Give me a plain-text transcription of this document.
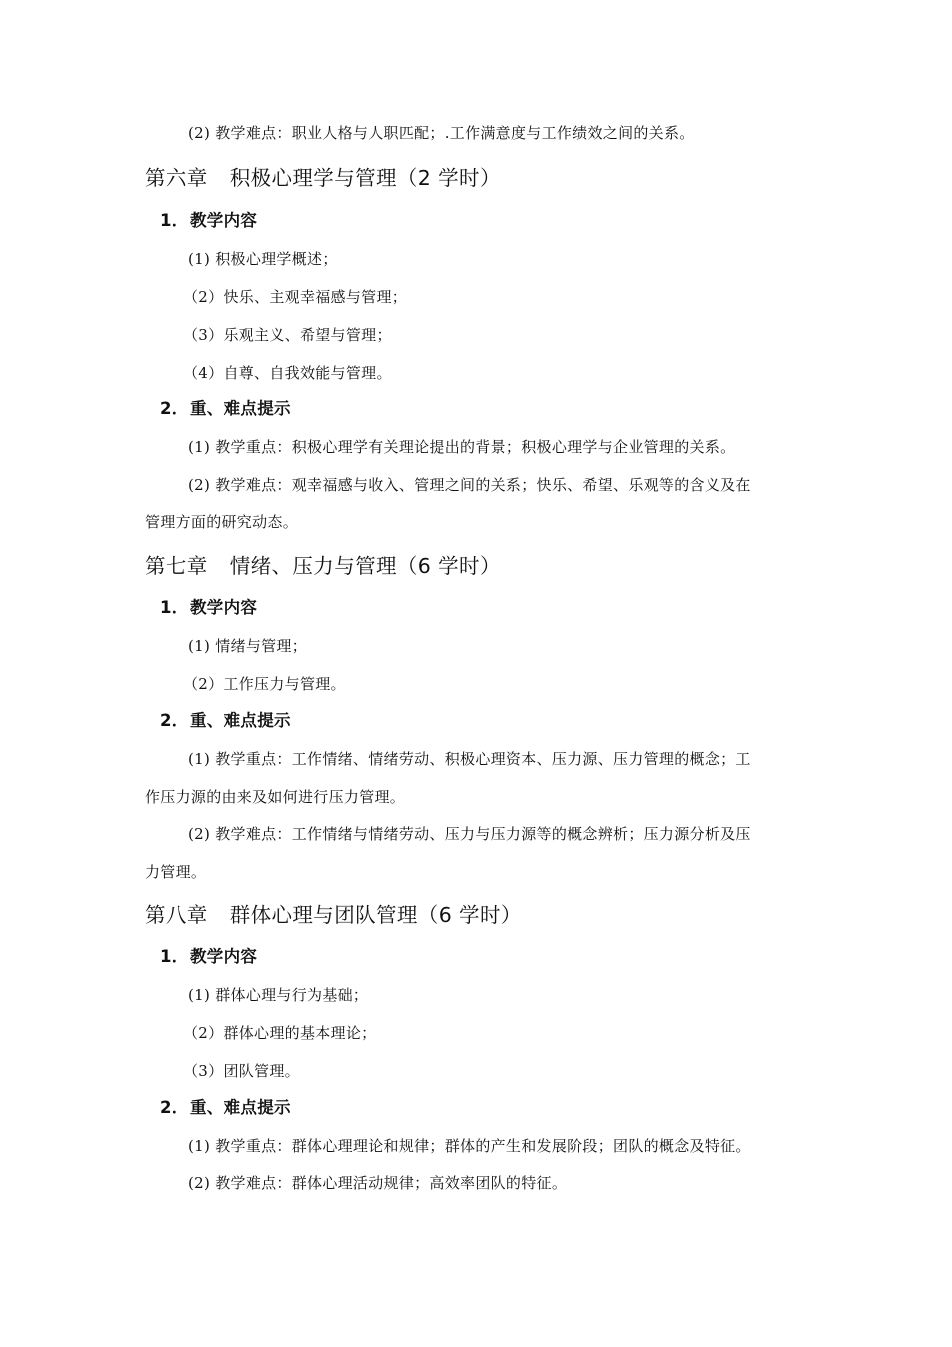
(2) 教学难点：职业人格与人职匹配；.工作满意度与工作绩效之间的关系。

第六章 积极心理学与管理（2 学时）
1．教学内容

(1) 积极心理学概述；

（2）快乐、主观幸福感与管理；

（3）乐观主义、希望与管理；

（4）自尊、自我效能与管理。

2．重、难点提示

(1) 教学重点：积极心理学有关理论提出的背景；积极心理学与企业管理的关系。

(2) 教学难点：观幸福感与收入、管理之间的关系；快乐、希望、乐观等的含义及在

管理方面的研究动态。

第七章 情绪、压力与管理（6 学时）
1．教学内容

(1) 情绪与管理；

（2）工作压力与管理。

2．重、难点提示

(1) 教学重点：工作情绪、情绪劳动、积极心理资本、压力源、压力管理的概念；工

作压力源的由来及如何进行压力管理。

(2) 教学难点：工作情绪与情绪劳动、压力与压力源等的概念辨析；压力源分析及压

力管理。

第八章 群体心理与团队管理（6 学时）
1．教学内容

(1) 群体心理与行为基础；

（2）群体心理的基本理论；

（3）团队管理。

2．重、难点提示

(1) 教学重点：群体心理理论和规律；群体的产生和发展阶段；团队的概念及特征。

(2) 教学难点：群体心理活动规律；高效率团队的特征。
